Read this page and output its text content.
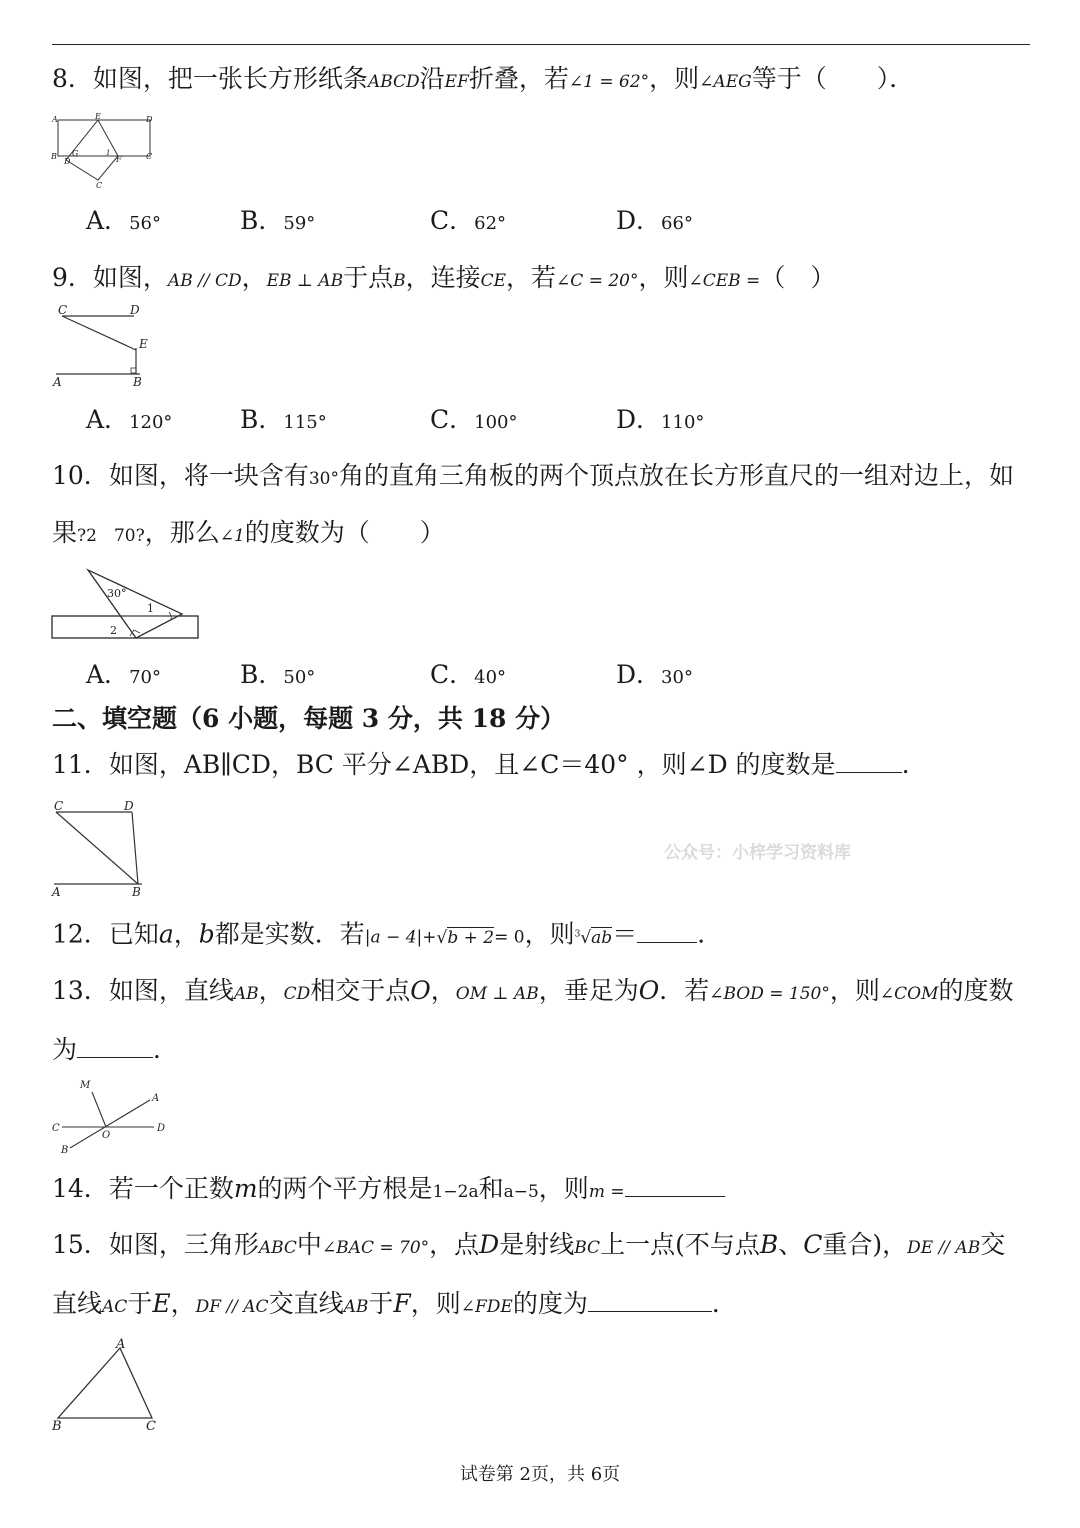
8．如图，把一张长方形纸条ABCD沿EF折叠，若∠1 = 62°，则∠AEG等于（　　）．
A	E	D
B
D
G	1
F	C
C
A．56°	B．59°	C．62°	D．66°
9．如图，AB // CD，EB ⊥ AB于点B，连接CE，若∠C = 20°，则∠CEB =（　）
C	D
E
A	B
A．120°	B．115°	C．100°	D．110°
10．如图，将一块含有30°角的直角三角板的两个顶点放在长方形直尺的一组对边上，如
果?2　70?，那么∠1的度数为（　　）
30°
1
2
A．70°	B．50°	C．40°	D．30°
二、填空题（6 小题，每题 3 分，共 18 分）
11．如图，AB∥CD，BC 平分∠ABD，且∠C＝40° ，则∠D 的度数是	.
C	D
A	B
公众号：小梓学习资料库
12．已知a，b都是实数．若|a − 4|+√b + 2= 0，则$^3$√ab＝ ．
13．如图，直线AB，CD相交于点O，OM ⊥ AB，垂足为O．若∠BOD = 150°，则∠COM的度数
为	．
M
A
C
O
D
B
14．若一个正数m的两个平方根是1−2a和a−5，则m =
15．如图，三角形ABC中∠BAC = 70°，点D是射线BC上一点(不与点B、C重合)，DE // AB交
直线AC于E，DF // AC交直线AB于F，则∠FDE的度为	．
A
B	C
试卷第 2页，共 6页
